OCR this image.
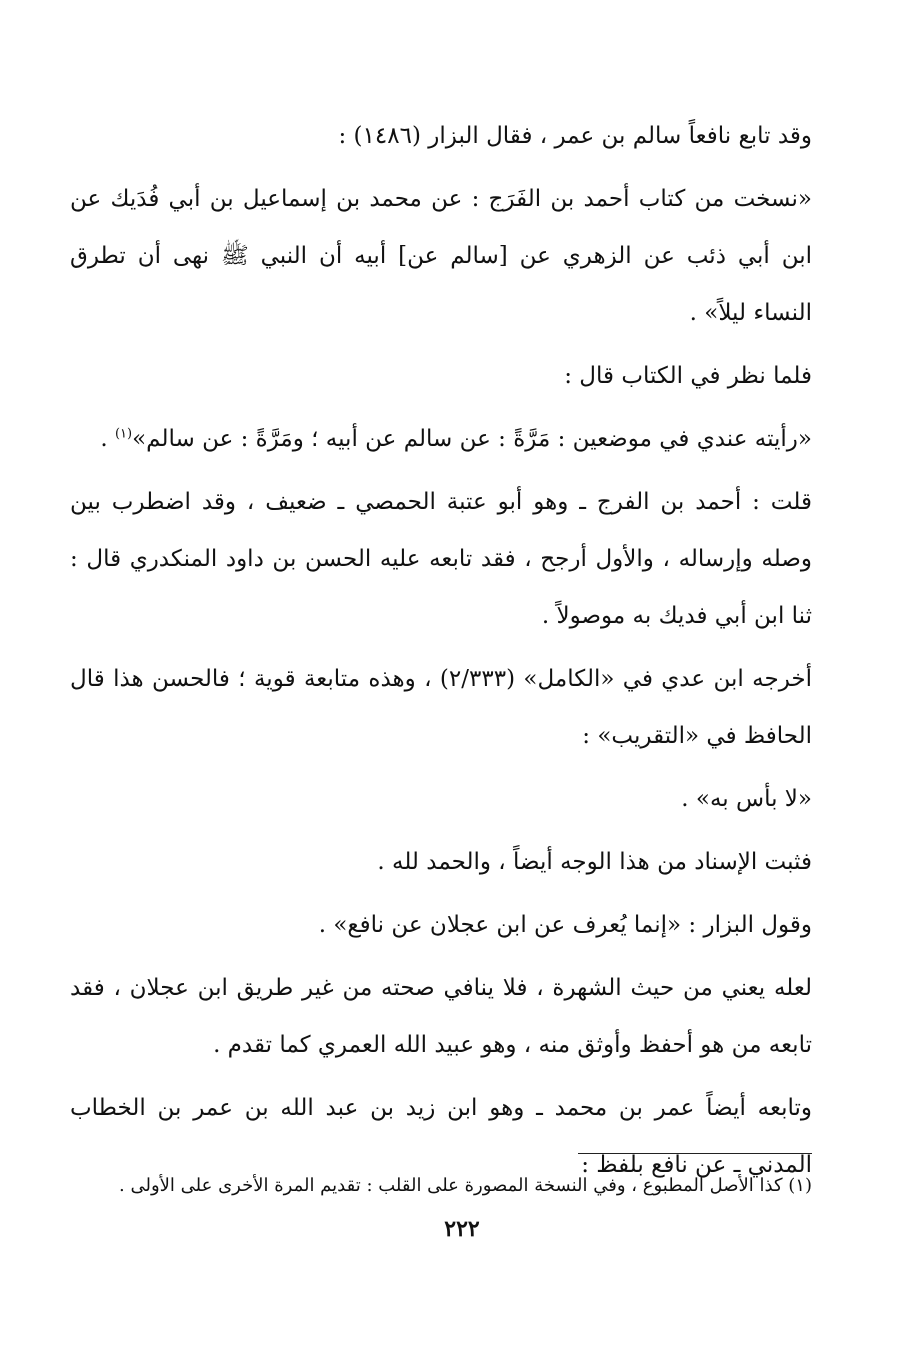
وقد تابع نافعاً سالم بن عمر ، فقال البزار (١٤٨٦) :

«نسخت من كتاب أحمد بن الفَرَج : عن محمد بن إسماعيل بن أبي فُدَيك عن ابن أبي ذئب عن الزهري عن [سالم عن] أبيه أن النبي ﷺ نهى أن تطرق النساء ليلاً» .

فلما نظر في الكتاب قال :

«رأيته عندي في موضعين : مَرَّةً : عن سالم عن أبيه ؛ ومَرَّةً : عن سالم»$^{(١)}$ .

قلت : أحمد بن الفرج ـ وهو أبو عتبة الحمصي ـ ضعيف ، وقد اضطرب بين وصله وإرساله ، والأول أرجح ، فقد تابعه عليه الحسن بن داود المنكدري قال : ثنا ابن أبي فديك به موصولاً .

أخرجه ابن عدي في «الكامل» (٢/٣٣٣) ، وهذه متابعة قوية ؛ فالحسن هذا قال الحافظ في «التقريب» :

«لا بأس به» .

فثبت الإسناد من هذا الوجه أيضاً ، والحمد لله .

وقول البزار : «إنما يُعرف عن ابن عجلان عن نافع» .

لعله يعني من حيث الشهرة ، فلا ينافي صحته من غير طريق ابن عجلان ، فقد تابعه من هو أحفظ وأوثق منه ، وهو عبيد الله العمري كما تقدم .

وتابعه أيضاً عمر بن محمد ـ وهو ابن زيد بن عبد الله بن عمر بن الخطاب المدني ـ عن نافع بلفظ :

(١) كذا الأصل المطبوع ، وفي النسخة المصورة على القلب : تقديم المرة الأخرى على الأولى .
٢٢٢
